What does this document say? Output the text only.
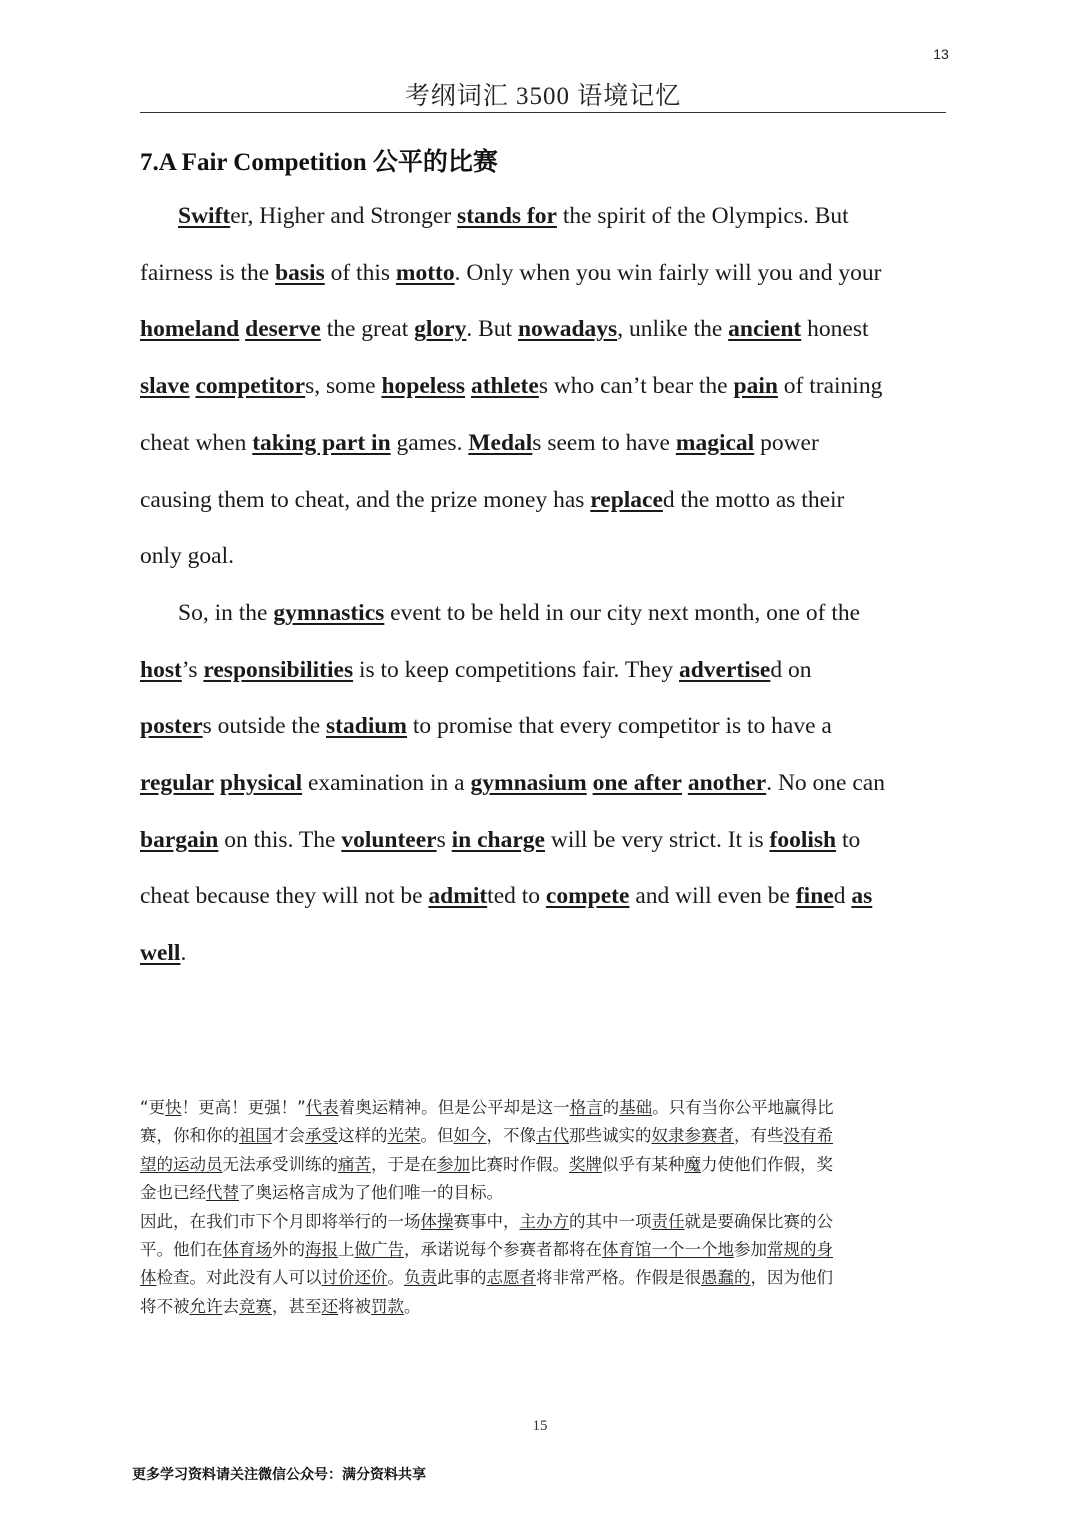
13
考纲词汇 3500 语境记忆
7.A Fair Competition 公平的比赛

Swifter, Higher and Stronger stands for the spirit of the Olympics. But
fairness is the basis of this motto. Only when you win fairly will you and your
homeland deserve the great glory. But nowadays, unlike the ancient honest
slave competitors, some hopeless athletes who can’t bear the pain of training
cheat when taking part in games. Medals seem to have magical power
causing them to cheat, and the prize money has replaced the motto as their
only goal.

So, in the gymnastics event to be held in our city next month, one of the
host’s responsibilities is to keep competitions fair. They advertised on
posters outside the stadium to promise that every competitor is to have a
regular physical examination in a gymnasium one after another. No one can
bargain on this. The volunteers in charge will be very strict. It is foolish to
cheat because they will not be admitted to compete and will even be fined as
well.

“更快！更高！更强！”代表着奥运精神。但是公平却是这一格言的基础。只有当你公平地赢得比
赛，你和你的祖国才会承受这样的光荣。但如今，不像古代那些诚实的奴隶参赛者，有些没有希
望的运动员无法承受训练的痛苦，于是在参加比赛时作假。奖牌似乎有某种魔力使他们作假，奖
金也已经代替了奥运格言成为了他们唯一的目标。
因此，在我们市下个月即将举行的一场体操赛事中，主办方的其中一项责任就是要确保比赛的公
平。他们在体育场外的海报上做广告，承诺说每个参赛者都将在体育馆一个一个地参加常规的身
体检查。对此没有人可以讨价还价。负责此事的志愿者将非常严格。作假是很愚蠢的，因为他们
将不被允许去竞赛，甚至还将被罚款。
15
更多学习资料请关注微信公众号：满分资料共享
